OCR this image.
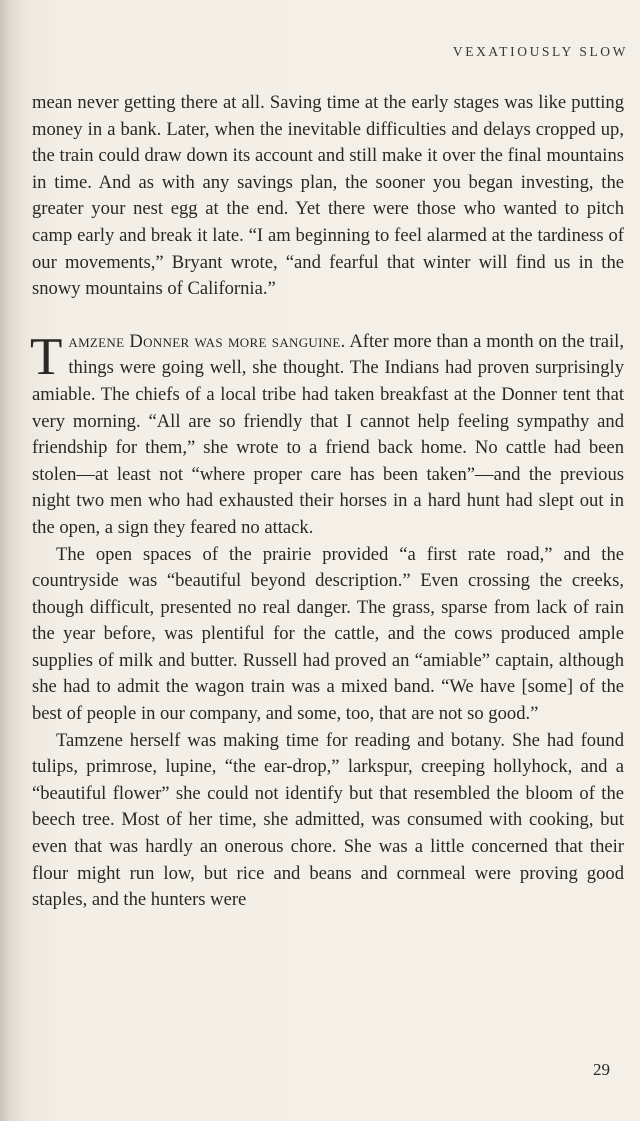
VEXATIOUSLY SLOW

mean never getting there at all. Saving time at the early stages was like putting money in a bank. Later, when the inevitable difficulties and delays cropped up, the train could draw down its account and still make it over the final mountains in time. And as with any savings plan, the sooner you began investing, the greater your nest egg at the end. Yet there were those who wanted to pitch camp early and break it late. “I am beginning to feel alarmed at the tardiness of our movements,” Bryant wrote, “and fearful that winter will find us in the snowy mountains of California.”

Tamzene Donner was more sanguine. After more than a month on the trail, things were going well, she thought. The Indians had proven surprisingly amiable. The chiefs of a local tribe had taken breakfast at the Donner tent that very morning. “All are so friendly that I cannot help feeling sympathy and friendship for them,” she wrote to a friend back home. No cattle had been stolen—at least not “where proper care has been taken”—and the previous night two men who had exhausted their horses in a hard hunt had slept out in the open, a sign they feared no attack.

The open spaces of the prairie provided “a first rate road,” and the countryside was “beautiful beyond description.” Even crossing the creeks, though difficult, presented no real danger. The grass, sparse from lack of rain the year before, was plentiful for the cattle, and the cows produced ample supplies of milk and butter. Russell had proved an “amiable” captain, although she had to admit the wagon train was a mixed band. “We have [some] of the best of people in our company, and some, too, that are not so good.”

Tamzene herself was making time for reading and botany. She had found tulips, primrose, lupine, “the ear-drop,” larkspur, creeping hollyhock, and a “beautiful flower” she could not identify but that resembled the bloom of the beech tree. Most of her time, she admitted, was consumed with cooking, but even that was hardly an onerous chore. She was a little concerned that their flour might run low, but rice and beans and cornmeal were proving good staples, and the hunters were

29
